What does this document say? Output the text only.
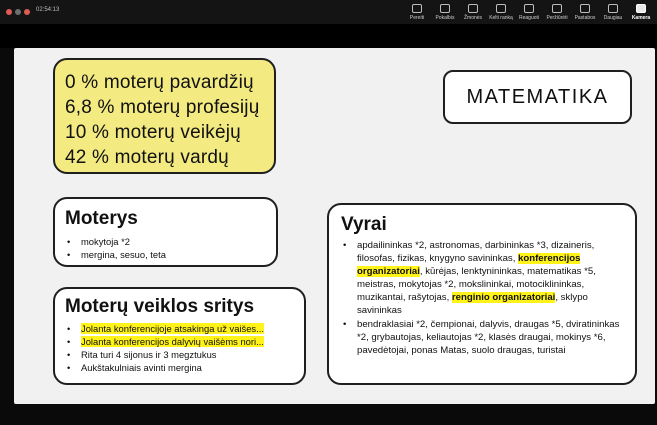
02:54:13
Pereiti Pokalbis Žmonės Kelti ranką Reaguoti Peržiūrėti Pastabos Daugiau Kamera
0 % moterų pavardžių
6,8 % moterų profesijų
10 % moterų veikėjų
42 % moterų vardų
MATEMATIKA
Moterys
• mokytoja *2
• mergina, sesuo, teta
Moterų veiklos sritys
• Jolanta konferencijoje atsakinga už vaišes...
• Jolanta konferencijos dalyvių vaišėms nori...
• Rita turi 4 sijonus ir 3 megztukus
• Aukštakulniais avinti mergina
Vyrai
• apdailininkas *2, astronomas, darbininkas *3, dizaineris, filosofas, fizikas, knygyno savininkas, konferencijos organizatoriai, kūrėjas, lenktynininkas, matematikas *5, meistras, mokytojas *2, mokslininkai, motociklininkas, muzikantai, rašytojas, renginio organizatoriai, sklypo savininkas
• bendraklasiai *2, čempionai, dalyvis, draugas *5, dviratininkas *2, grybautojas, keliautojas *2, klasės draugai, mokinys *6, pavedėtojai, ponas Matas, suolo draugas, turistai
